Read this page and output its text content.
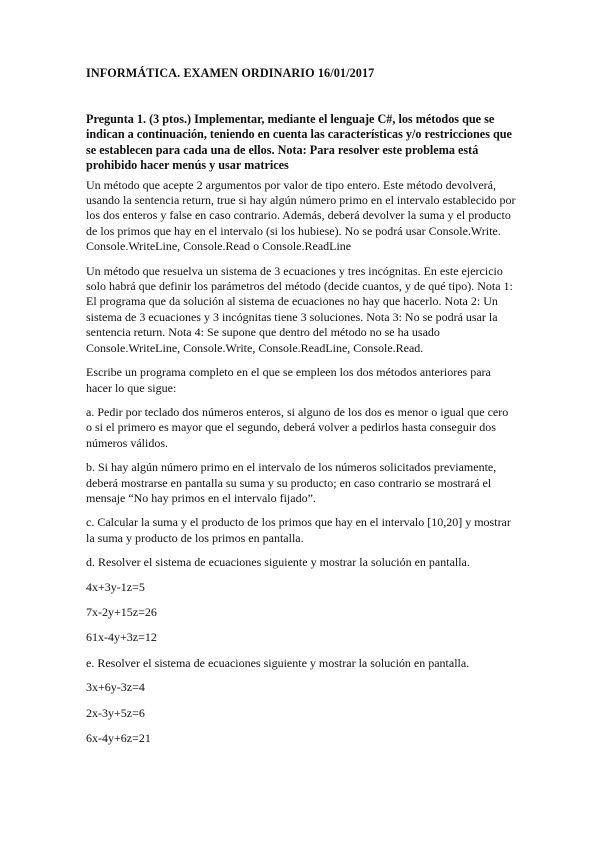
INFORMÁTICA. EXAMEN ORDINARIO 16/01/2017
Pregunta 1. (3 ptos.) Implementar, mediante el lenguaje C#, los métodos que se indican a continuación, teniendo en cuenta las características y/o restricciones que se establecen para cada una de ellos. Nota: Para resolver este problema está prohibido hacer menús y usar matrices

Un método que acepte 2 argumentos por valor de tipo entero. Este método devolverá, usando la sentencia return, true si hay algún número primo en el intervalo establecido por los dos enteros y false en caso contrario. Además, deberá devolver la suma y el producto de los primos que hay en el intervalo (si los hubiese). No se podrá usar Console.Write. Console.WriteLine, Console.Read o Console.ReadLine

Un método que resuelva un sistema de 3 ecuaciones y tres incógnitas. En este ejercicio solo habrá que definir los parámetros del método (decide cuantos, y de qué tipo). Nota 1: El programa que da solución al sistema de ecuaciones no hay que hacerlo. Nota 2: Un sistema de 3 ecuaciones y 3 incógnitas tiene 3 soluciones. Nota 3: No se podrá usar la sentencia return. Nota 4: Se supone que dentro del método no se ha usado Console.WriteLine, Console.Write, Console.ReadLine, Console.Read.

Escribe un programa completo en el que se empleen los dos métodos anteriores para hacer lo que sigue:

a. Pedir por teclado dos números enteros, si alguno de los dos es menor o igual que cero o si el primero es mayor que el segundo, deberá volver a pedirlos hasta conseguir dos números válidos.

b. Si hay algún número primo en el intervalo de los números solicitados previamente, deberá mostrarse en pantalla su suma y su producto; en caso contrario se mostrará el mensaje “No hay primos en el intervalo fijado”.

c. Calcular la suma y el producto de los primos que hay en el intervalo [10,20] y mostrar la suma y producto de los primos en pantalla.

d. Resolver el sistema de ecuaciones siguiente y mostrar la solución en pantalla.

4x+3y-1z=5
7x-2y+15z=26
61x-4y+3z=12

e. Resolver el sistema de ecuaciones siguiente y mostrar la solución en pantalla.

3x+6y-3z=4
2x-3y+5z=6
6x-4y+6z=21
